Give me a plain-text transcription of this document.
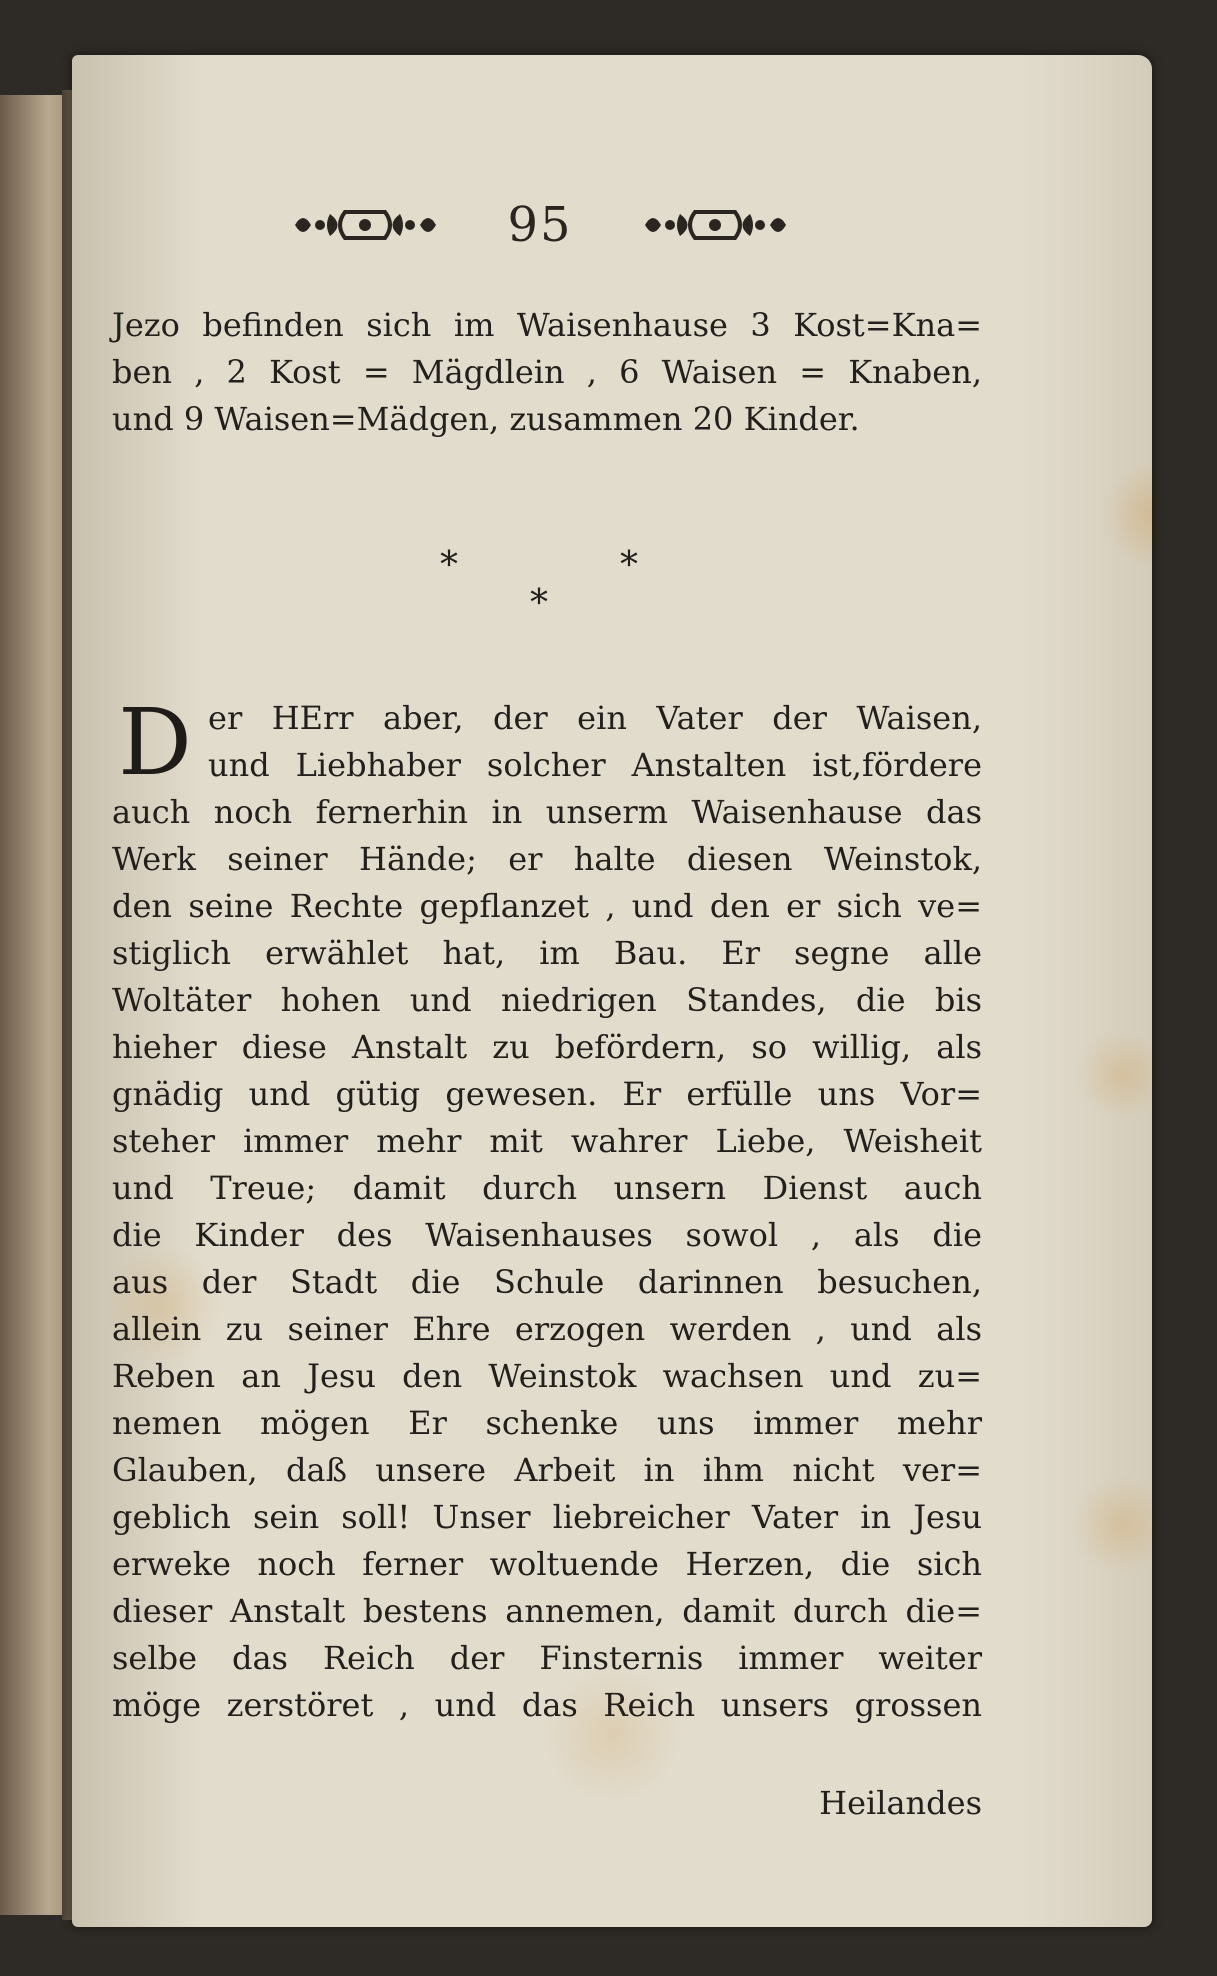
95
Jezo befinden sich im Waisenhause 3 Kost=Kna=
ben , 2 Kost = Mägdlein , 6 Waisen = Knaben,
und 9 Waisen=Mädgen, zusammen 20 Kinder.
*
*
*
D er HErr aber, der ein Vater der Waisen,
und Liebhaber solcher Anstalten ist,fördere
auch noch fernerhin in unserm Waisenhause das
Werk seiner Hände; er halte diesen Weinstok,
den seine Rechte gepflanzet , und den er sich ve=
stiglich erwählet hat, im Bau. Er segne alle
Woltäter hohen und niedrigen Standes, die bis
hieher diese Anstalt zu befördern, so willig, als
gnädig und gütig gewesen. Er erfülle uns Vor=
steher immer mehr mit wahrer Liebe, Weisheit
und Treue; damit durch unsern Dienst auch
die Kinder des Waisenhauses sowol , als die
aus der Stadt die Schule darinnen besuchen,
allein zu seiner Ehre erzogen werden , und als
Reben an Jesu den Weinstok wachsen und zu=
nemen mögen Er schenke uns immer mehr
Glauben, daß unsere Arbeit in ihm nicht ver=
geblich sein soll! Unser liebreicher Vater in Jesu
erweke noch ferner woltuende Herzen, die sich
dieser Anstalt bestens annemen, damit durch die=
selbe das Reich der Finsternis immer weiter
möge zerstöret , und das Reich unsers grossen
Heilandes
